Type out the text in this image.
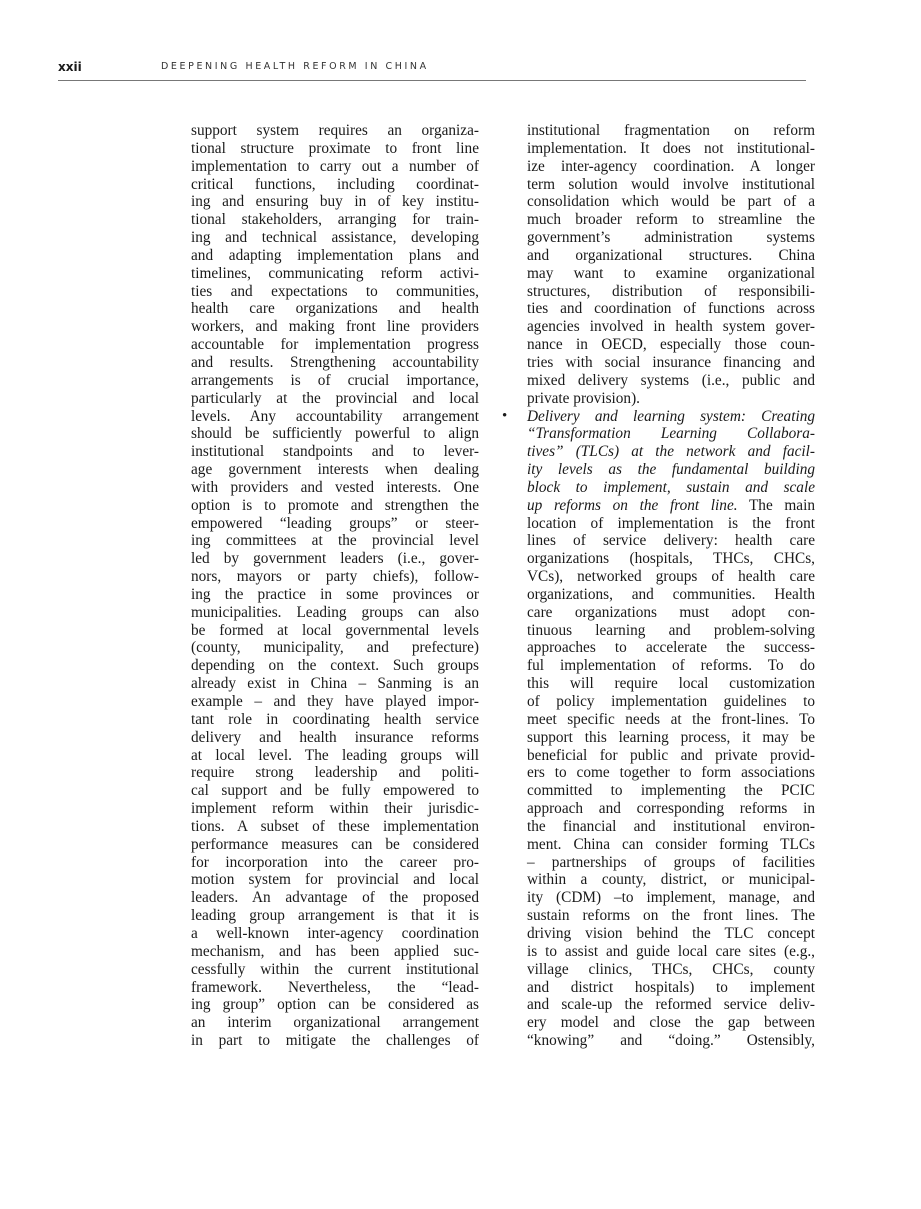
xxii	DEEPENING HEALTH REFORM IN CHINA
support system requires an organiza-
tional structure proximate to front line
implementation to carry out a number of
critical functions, including coordinat-
ing and ensuring buy in of key institu-
tional stakeholders, arranging for train-
ing and technical assistance, developing
and adapting implementation plans and
timelines, communicating reform activi-
ties and expectations to communities,
health care organizations and health
workers, and making front line providers
accountable for implementation progress
and results. Strengthening accountability
arrangements is of crucial importance,
particularly at the provincial and local
levels. Any accountability arrangement
should be sufficiently powerful to align
institutional standpoints and to lever-
age government interests when dealing
with providers and vested interests. One
option is to promote and strengthen the
empowered “leading groups” or steer-
ing committees at the provincial level
led by government leaders (i.e., gover-
nors, mayors or party chiefs), follow-
ing the practice in some provinces or
municipalities. Leading groups can also
be formed at local governmental levels
(county, municipality, and prefecture)
depending on the context. Such groups
already exist in China – Sanming is an
example – and they have played impor-
tant role in coordinating health service
delivery and health insurance reforms
at local level. The leading groups will
require strong leadership and politi-
cal support and be fully empowered to
implement reform within their jurisdic-
tions. A subset of these implementation
performance measures can be considered
for incorporation into the career pro-
motion system for provincial and local
leaders. An advantage of the proposed
leading group arrangement is that it is
a well-known inter-agency coordination
mechanism, and has been applied suc-
cessfully within the current institutional
framework. Nevertheless, the “lead-
ing group” option can be considered as
an interim organizational arrangement
in part to mitigate the challenges of
institutional fragmentation on reform
implementation. It does not institutional-
ize inter-agency coordination. A longer
term solution would involve institutional
consolidation which would be part of a
much broader reform to streamline the
government’s administration systems
and organizational structures. China
may want to examine organizational
structures, distribution of responsibili-
ties and coordination of functions across
agencies involved in health system gover-
nance in OECD, especially those coun-
tries with social insurance financing and
mixed delivery systems (i.e., public and
private provision).
• Delivery and learning system: Creating
“Transformation Learning Collabora-
tives” (TLCs) at the network and facil-
ity levels as the fundamental building
block to implement, sustain and scale
up reforms on the front line. The main
location of implementation is the front
lines of service delivery: health care
organizations (hospitals, THCs, CHCs,
VCs), networked groups of health care
organizations, and communities. Health
care organizations must adopt con-
tinuous learning and problem-solving
approaches to accelerate the success-
ful implementation of reforms. To do
this will require local customization
of policy implementation guidelines to
meet specific needs at the front-lines. To
support this learning process, it may be
beneficial for public and private provid-
ers to come together to form associations
committed to implementing the PCIC
approach and corresponding reforms in
the financial and institutional environ-
ment. China can consider forming TLCs
– partnerships of groups of facilities
within a county, district, or municipal-
ity (CDM) –to implement, manage, and
sustain reforms on the front lines. The
driving vision behind the TLC concept
is to assist and guide local care sites (e.g.,
village clinics, THCs, CHCs, county
and district hospitals) to implement
and scale-up the reformed service deliv-
ery model and close the gap between
“knowing” and “doing.” Ostensibly,
